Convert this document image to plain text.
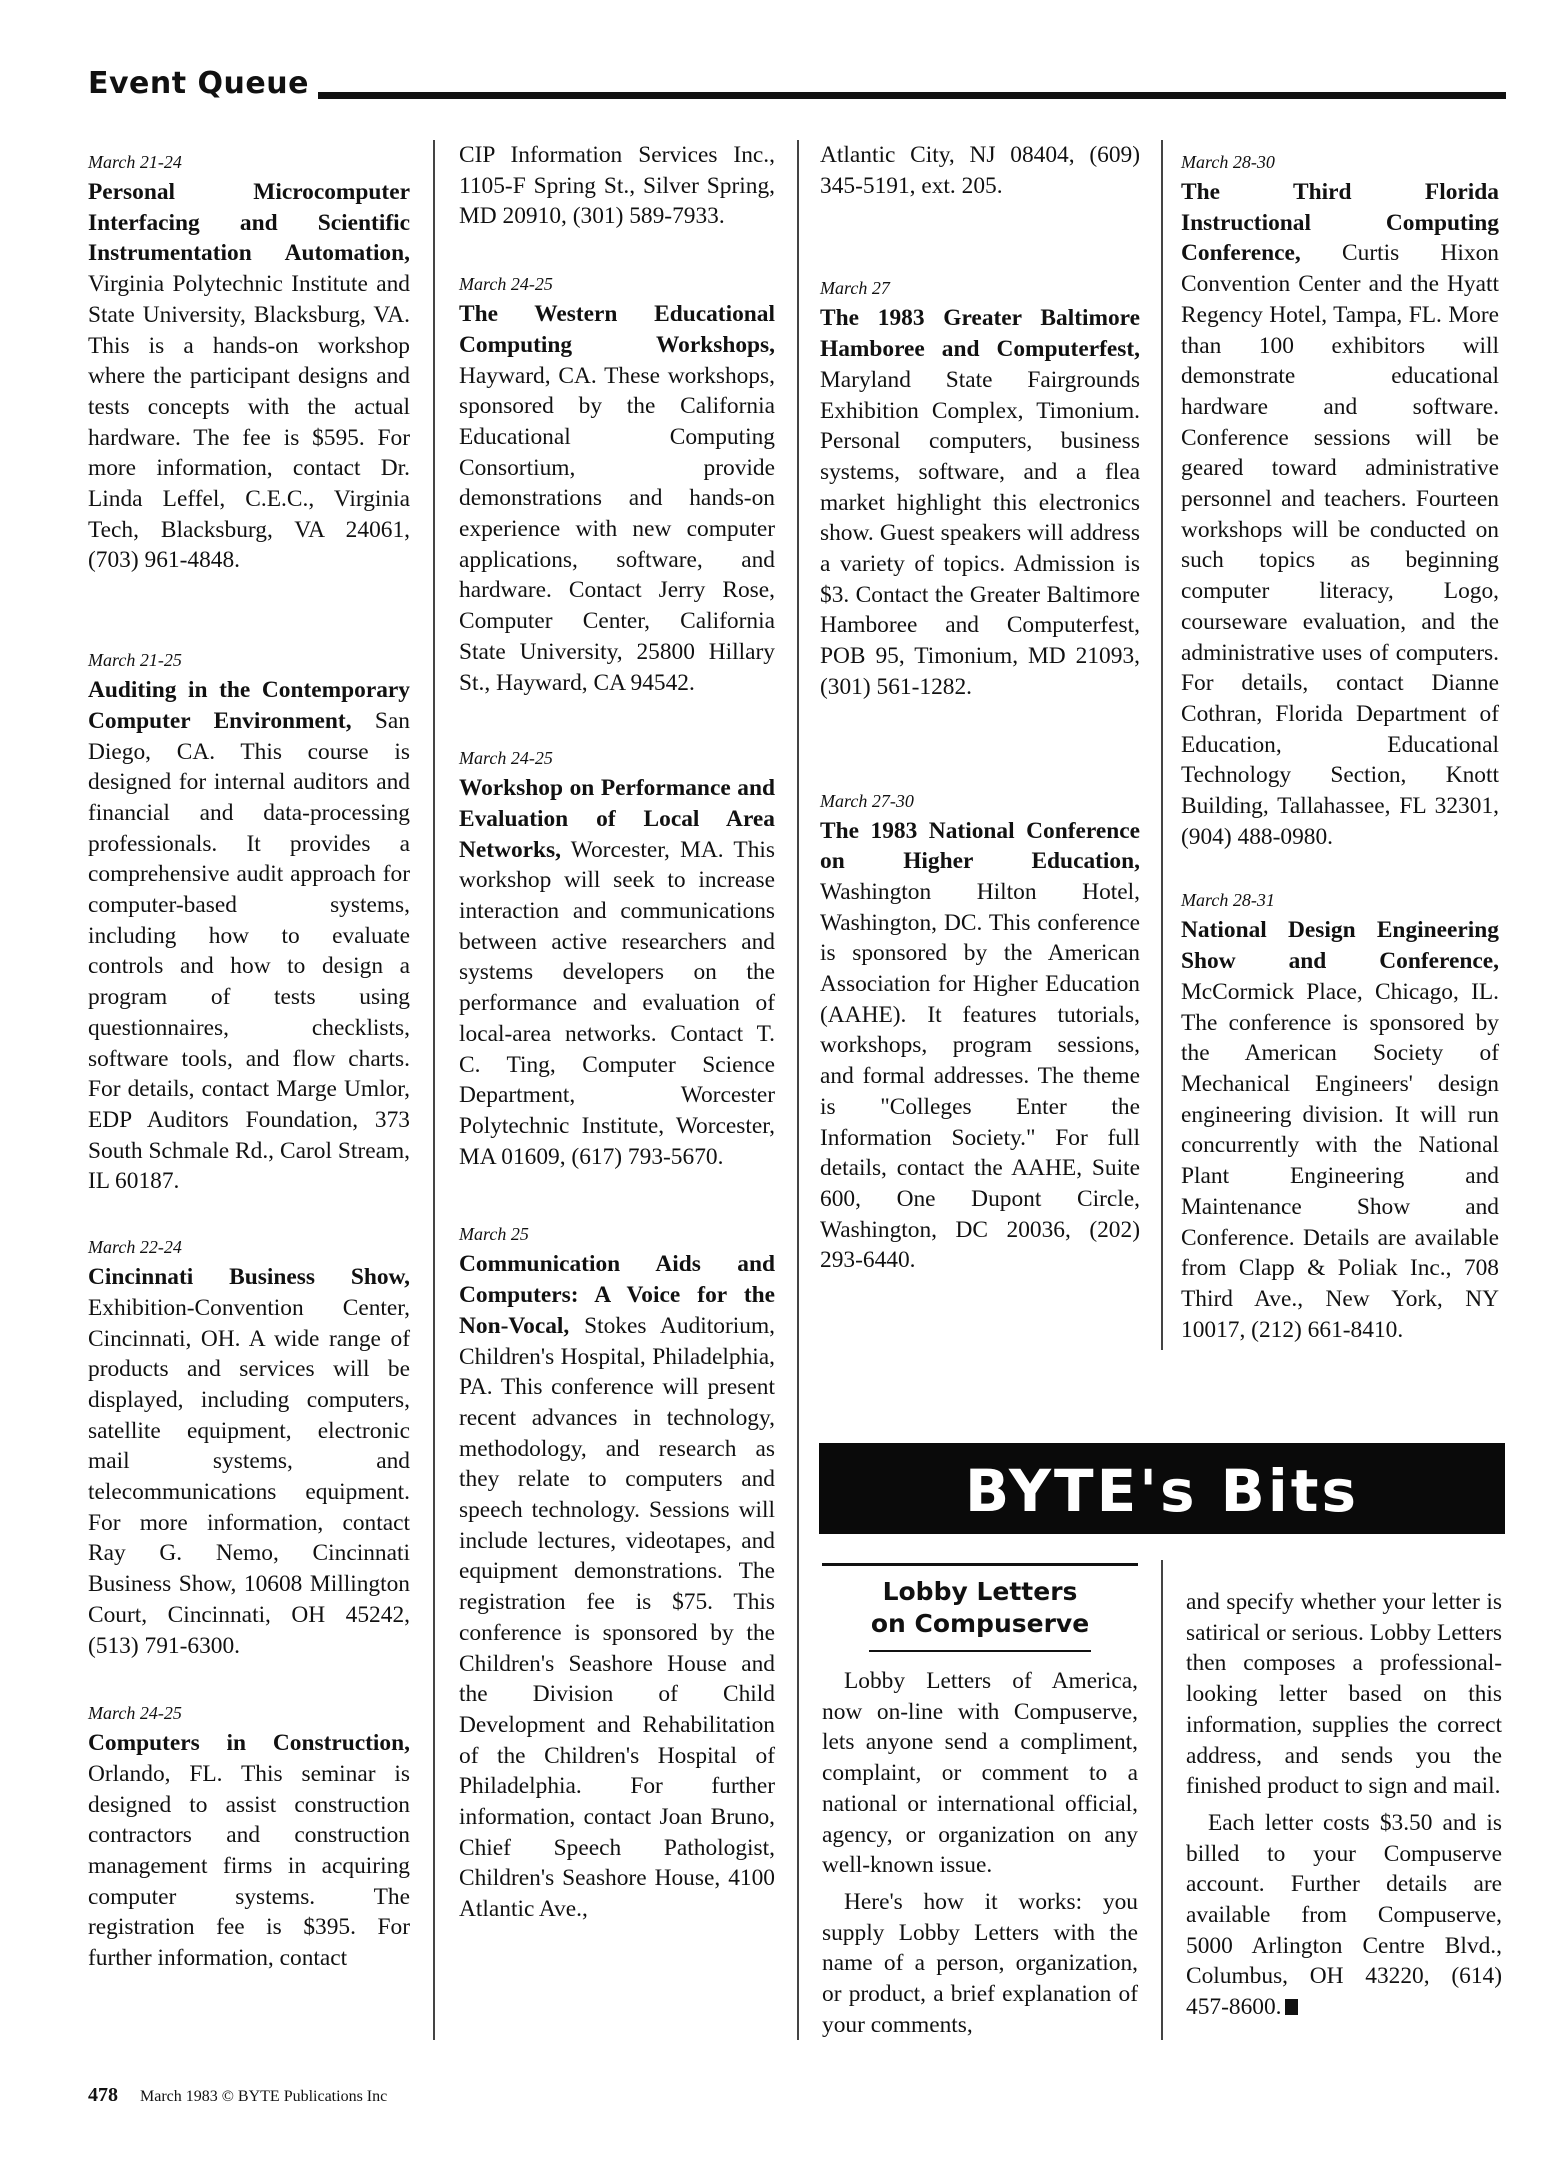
Event Queue
March 21-24

Personal Microcomputer Interfacing and Scientific Instrumentation Automation, Virginia Polytechnic Institute and State University, Blacksburg, VA. This is a hands-on workshop where the participant designs and tests concepts with the actual hardware. The fee is $595. For more information, contact Dr. Linda Leffel, C.E.C., Virginia Tech, Blacksburg, VA 24061, (703) 961-4848.

March 21-25

Auditing in the Contemporary Computer Environment, San Diego, CA. This course is designed for internal auditors and financial and data-processing professionals. It provides a comprehensive audit approach for computer-based systems, including how to evaluate controls and how to design a program of tests using questionnaires, checklists, software tools, and flow charts. For details, contact Marge Umlor, EDP Auditors Foundation, 373 South Schmale Rd., Carol Stream, IL 60187.

March 22-24

Cincinnati Business Show, Exhibition-Convention Center, Cincinnati, OH. A wide range of products and services will be displayed, including computers, satellite equipment, electronic mail systems, and telecommunications equipment. For more information, contact Ray G. Nemo, Cincinnati Business Show, 10608 Millington Court, Cincinnati, OH 45242, (513) 791-6300.

March 24-25

Computers in Construction, Orlando, FL. This seminar is designed to assist construction contractors and construction management firms in acquiring computer systems. The registration fee is $395. For further information, contact

CIP Information Services Inc., 1105-F Spring St., Silver Spring, MD 20910, (301) 589-7933.

March 24-25

The Western Educational Computing Workshops, Hayward, CA. These workshops, sponsored by the California Educational Computing Consortium, provide demonstrations and hands-on experience with new computer applications, software, and hardware. Contact Jerry Rose, Computer Center, California State University, 25800 Hillary St., Hayward, CA 94542.

March 24-25

Workshop on Performance and Evaluation of Local Area Networks, Worcester, MA. This workshop will seek to increase interaction and communications between active researchers and systems developers on the performance and evaluation of local-area networks. Contact T. C. Ting, Computer Science Department, Worcester Polytechnic Institute, Worcester, MA 01609, (617) 793-5670.

March 25

Communication Aids and Computers: A Voice for the Non-Vocal, Stokes Auditorium, Children's Hospital, Philadelphia, PA. This conference will present recent advances in technology, methodology, and research as they relate to computers and speech technology. Sessions will include lectures, videotapes, and equipment demonstrations. The registration fee is $75. This conference is sponsored by the Children's Seashore House and the Division of Child Development and Rehabilitation of the Children's Hospital of Philadelphia. For further information, contact Joan Bruno, Chief Speech Pathologist, Children's Seashore House, 4100 Atlantic Ave.,

Atlantic City, NJ 08404, (609) 345-5191, ext. 205.

March 27

The 1983 Greater Baltimore Hamboree and Computerfest, Maryland State Fairgrounds Exhibition Complex, Timonium. Personal computers, business systems, software, and a flea market highlight this electronics show. Guest speakers will address a variety of topics. Admission is $3. Contact the Greater Baltimore Hamboree and Computerfest, POB 95, Timonium, MD 21093, (301) 561-1282.

March 27-30

The 1983 National Conference on Higher Education, Washington Hilton Hotel, Washington, DC. This conference is sponsored by the American Association for Higher Education (AAHE). It features tutorials, workshops, program sessions, and formal addresses. The theme is "Colleges Enter the Information Society." For full details, contact the AAHE, Suite 600, One Dupont Circle, Washington, DC 20036, (202) 293-6440.

March 28-30

The Third Florida Instructional Computing Conference, Curtis Hixon Convention Center and the Hyatt Regency Hotel, Tampa, FL. More than 100 exhibitors will demonstrate educational hardware and software. Conference sessions will be geared toward administrative personnel and teachers. Fourteen workshops will be conducted on such topics as beginning computer literacy, Logo, courseware evaluation, and the administrative uses of computers. For details, contact Dianne Cothran, Florida Department of Education, Educational Technology Section, Knott Building, Tallahassee, FL 32301, (904) 488-0980.

March 28-31

National Design Engineering Show and Conference, McCormick Place, Chicago, IL. The conference is sponsored by the American Society of Mechanical Engineers' design engineering division. It will run concurrently with the National Plant Engineering and Maintenance Show and Conference. Details are available from Clapp & Poliak Inc., 708 Third Ave., New York, NY 10017, (212) 661-8410.

BYTE's Bits
Lobby Letters
on Compuserve

Lobby Letters of America, now on-line with Compuserve, lets anyone send a compliment, complaint, or comment to a national or international official, agency, or organization on any well-known issue.

Here's how it works: you supply Lobby Letters with the name of a person, organization, or product, a brief explanation of your comments,

and specify whether your letter is satirical or serious. Lobby Letters then composes a professional-looking letter based on this information, supplies the correct address, and sends you the finished product to sign and mail.

Each letter costs $3.50 and is billed to your Compuserve account. Further details are available from Compuserve, 5000 Arlington Centre Blvd., Columbus, OH 43220, (614) 457-8600.

478 March 1983 © BYTE Publications Inc
